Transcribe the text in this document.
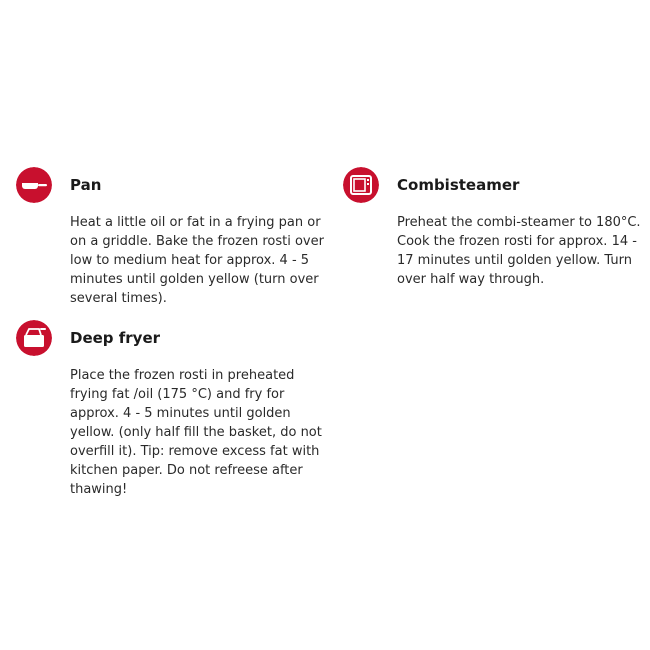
Pan

Heat a little oil or fat in a frying pan or on a griddle. Bake the frozen rosti over low to medium heat for approx. 4 - 5 minutes until golden yellow (turn over several times).

Combisteamer

Preheat the combi-steamer to 180°C. Cook the frozen rosti for approx. 14 - 17 minutes until golden yellow. Turn over half way through.

Deep fryer

Place the frozen rosti in preheated frying fat /oil (175 °C) and fry for approx. 4 - 5 minutes until golden yellow. (only half fill the basket, do not overfill it). Tip: remove excess fat with kitchen paper. Do not refreese after thawing!
